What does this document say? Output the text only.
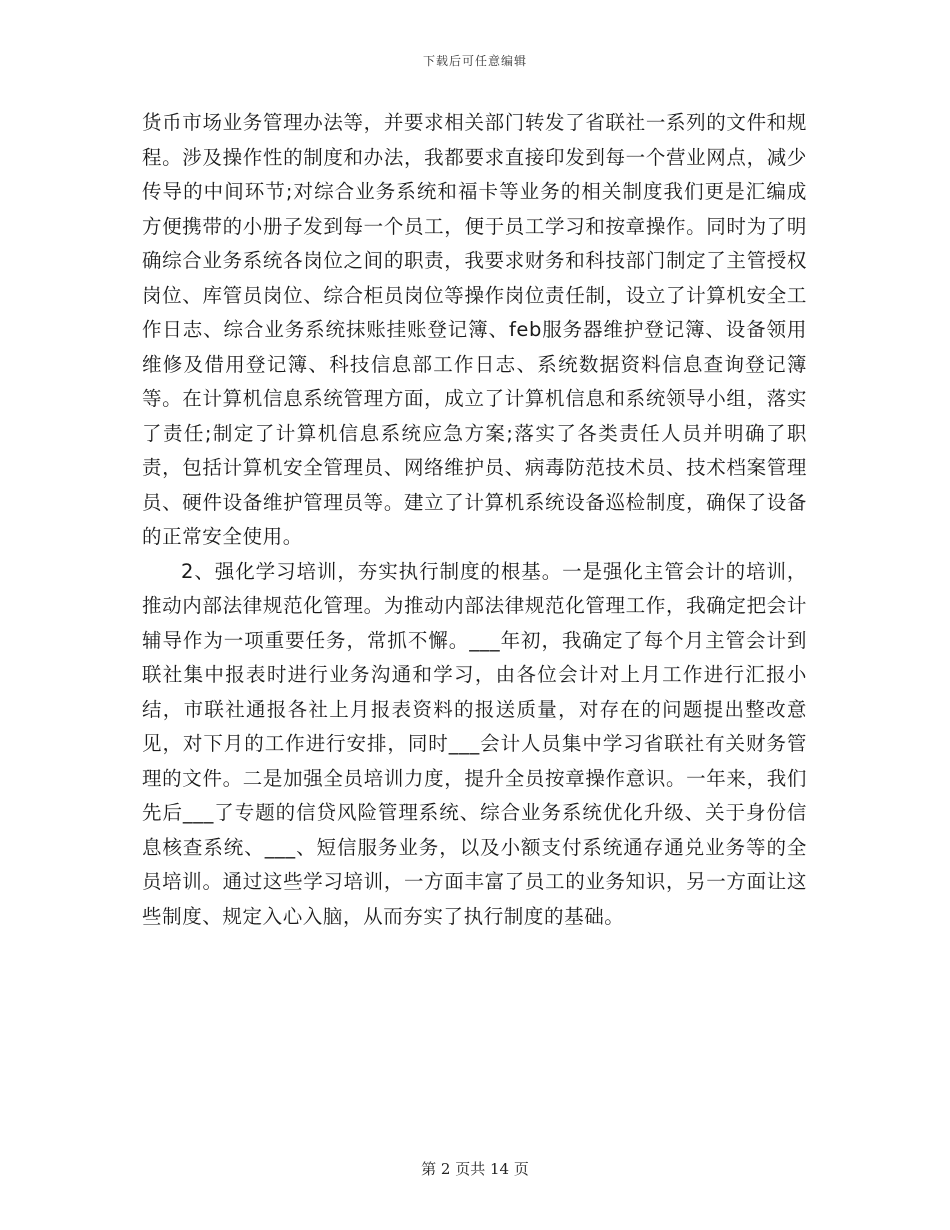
下载后可任意编辑

货币市场业务管理办法等，并要求相关部门转发了省联社一系列的文件和规程。涉及操作性的制度和办法，我都要求直接印发到每一个营业网点，减少传导的中间环节;对综合业务系统和福卡等业务的相关制度我们更是汇编成方便携带的小册子发到每一个员工，便于员工学习和按章操作。同时为了明确综合业务系统各岗位之间的职责，我要求财务和科技部门制定了主管授权岗位、库管员岗位、综合柜员岗位等操作岗位责任制，设立了计算机安全工作日志、综合业务系统抹账挂账登记簿、feb服务器维护登记簿、设备领用维修及借用登记簿、科技信息部工作日志、系统数据资料信息查询登记簿等。在计算机信息系统管理方面，成立了计算机信息和系统领导小组，落实了责任;制定了计算机信息系统应急方案;落实了各类责任人员并明确了职责，包括计算机安全管理员、网络维护员、病毒防范技术员、技术档案管理员、硬件设备维护管理员等。建立了计算机系统设备巡检制度，确保了设备的正常安全使用。

2、强化学习培训，夯实执行制度的根基。一是强化主管会计的培训，推动内部法律规范化管理。为推动内部法律规范化管理工作，我确定把会计辅导作为一项重要任务，常抓不懈。___年初，我确定了每个月主管会计到联社集中报表时进行业务沟通和学习，由各位会计对上月工作进行汇报小结，市联社通报各社上月报表资料的报送质量，对存在的问题提出整改意见，对下月的工作进行安排，同时___会计人员集中学习省联社有关财务管理的文件。二是加强全员培训力度，提升全员按章操作意识。一年来，我们先后___了专题的信贷风险管理系统、综合业务系统优化升级、关于身份信息核查系统、___、短信服务业务，以及小额支付系统通存通兑业务等的全员培训。通过这些学习培训，一方面丰富了员工的业务知识，另一方面让这些制度、规定入心入脑，从而夯实了执行制度的基础。

第 2 页共 14 页
